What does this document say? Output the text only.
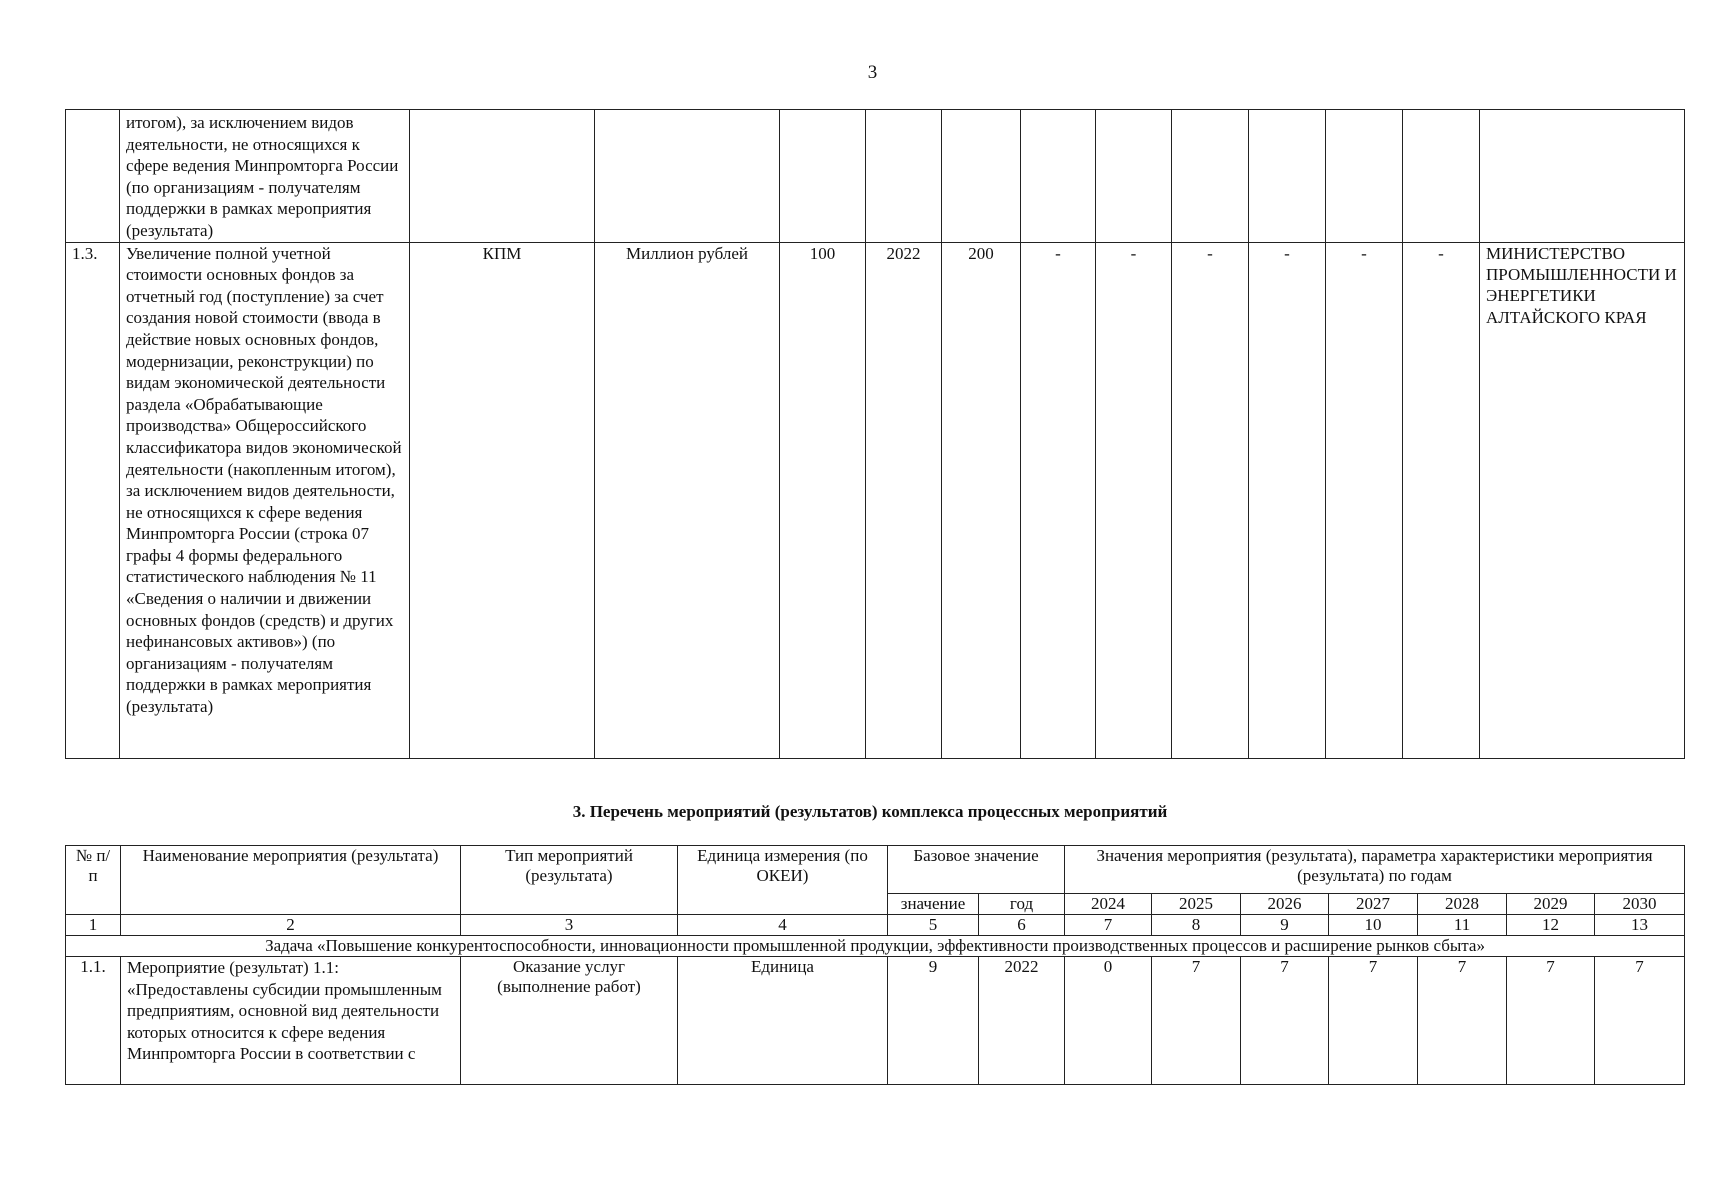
3
	итогом), за исключением видов деятельности, не относящихся к сфере ведения Минпромторга России (по организациям - получателям поддержки в рамках мероприятия (результата)												
1.3.	Увеличение полной учетной стоимости основных фондов за отчетный год (поступление) за счет создания новой стоимости (ввода в действие новых основных фондов, модернизации, реконструкции) по видам экономической деятельности раздела «Обрабатывающие производства» Общероссийского классификатора видов экономической деятельности (накопленным итогом), за исключением видов деятельности, не относящихся к сфере ведения Минпромторга России (строка 07 графы 4 формы федерального статистического наблюдения № 11 «Сведения о наличии и движении основных фондов (средств) и других нефинансовых активов») (по организациям - получателям поддержки в рамках мероприятия (результата)	КПМ	Миллион рублей	100	2022	200	-	-	-	-	-	-	МИНИСТЕРСТВО ПРОМЫШЛЕННОСТИ И ЭНЕРГЕТИКИ АЛТАЙСКОГО КРАЯ
3. Перечень мероприятий (результатов) комплекса процессных мероприятий
№ п/п	Наименование мероприятия (результата)	Тип мероприятий (результата)	Единица измерения (по ОКЕИ)	Базовое значение		Значения мероприятия (результата), параметра характеристики мероприятия (результата) по годам						
				значение	год	2024	2025	2026	2027	2028	2029	2030
1	2	3	4	5	6	7	8	9	10	11	12	13
Задача «Повышение конкурентоспособности, инновационности промышленной продукции, эффективности производственных процессов и расширение рынков сбыта»												
1.1.	Мероприятие (результат) 1.1: «Предоставлены субсидии промышленным предприятиям, основной вид деятельности которых относится к сфере ведения Минпромторга России в соответствии с	Оказание услуг (выполнение работ)	Единица	9	2022	0	7	7	7	7	7	7
